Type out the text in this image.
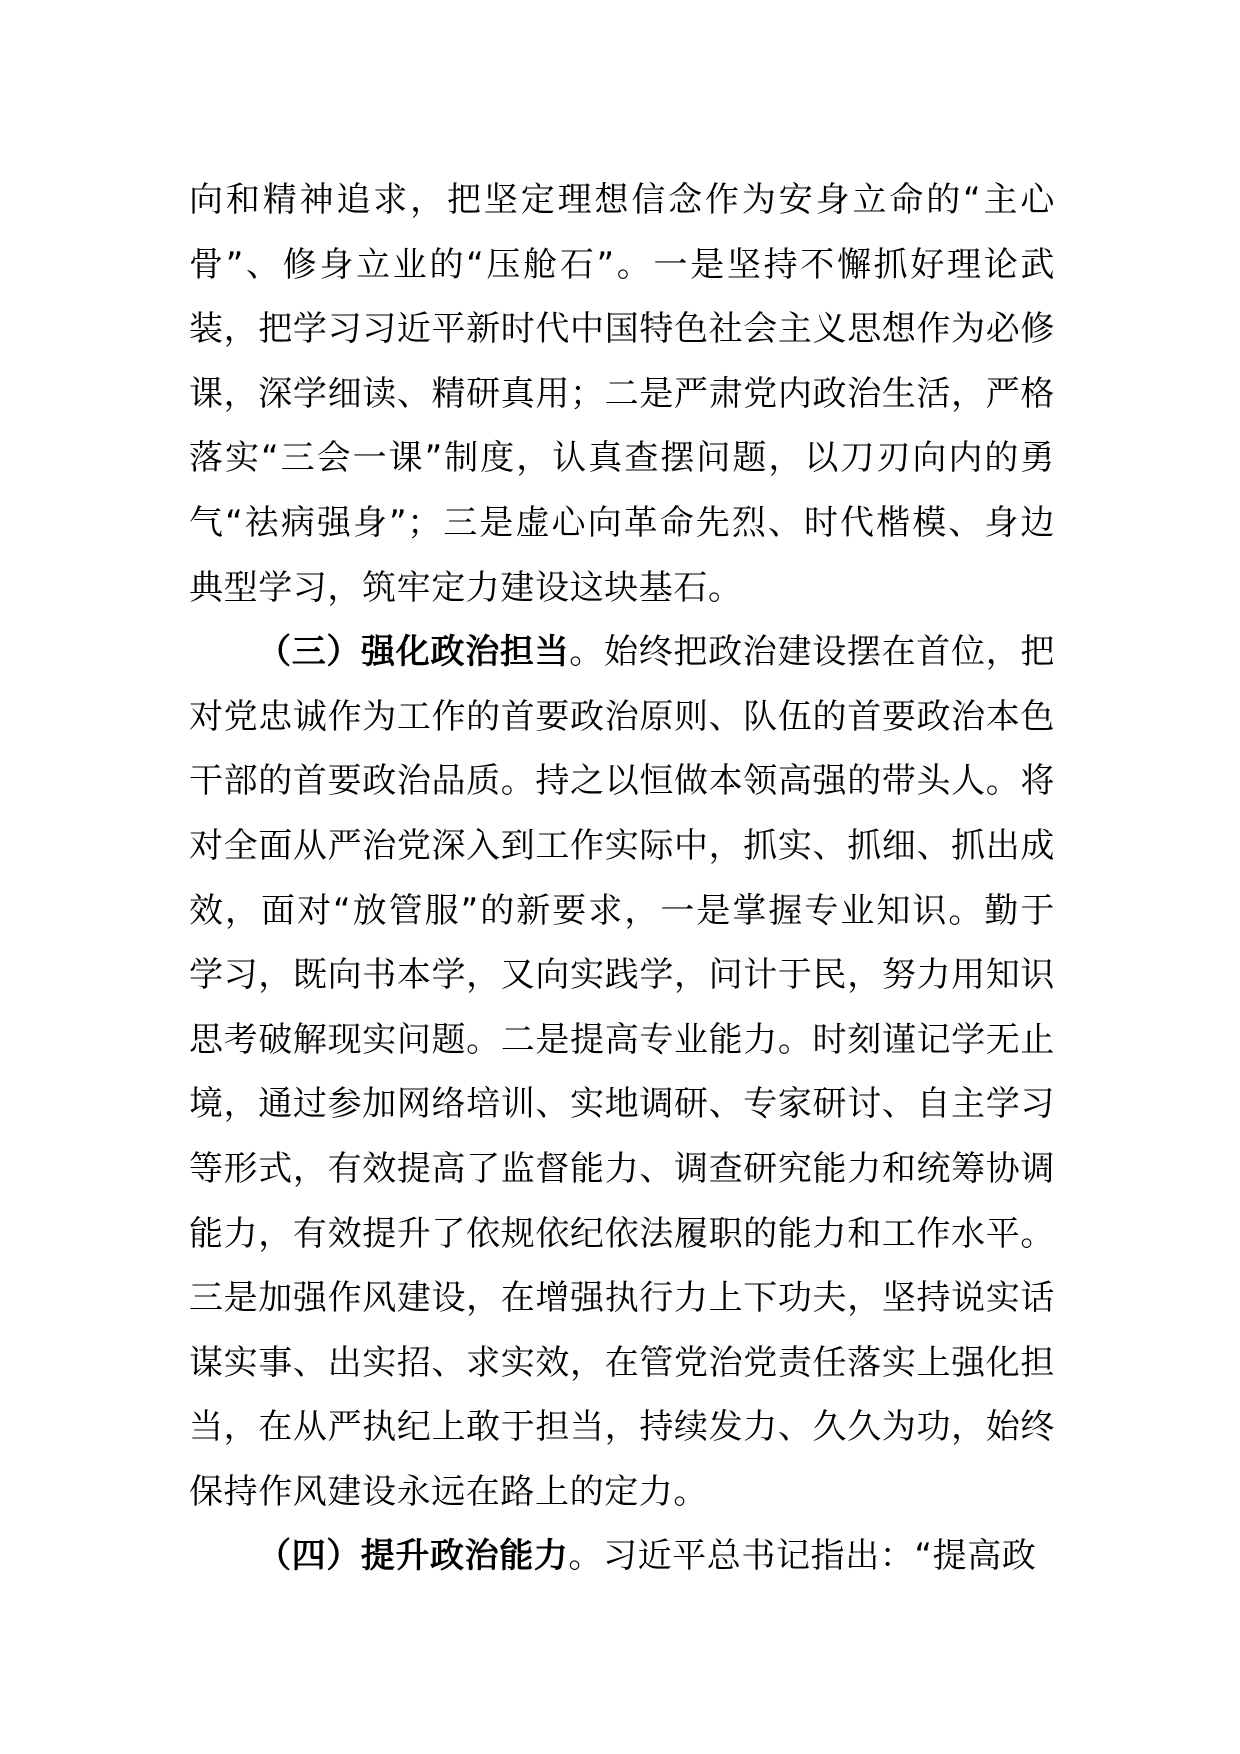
向和精神追求，把坚定理想信念作为安身立命的“主心骨”、修身立业的“压舱石”。一是坚持不懈抓好理论武装，把学习习近平新时代中国特色社会主义思想作为必修课，深学细读、精研真用；二是严肃党内政治生活，严格落实“三会一课”制度，认真查摆问题，以刀刃向内的勇气“祛病强身”；三是虚心向革命先烈、时代楷模、身边典型学习，筑牢定力建设这块基石。

（三）强化政治担当。始终把政治建设摆在首位，把对党忠诚作为工作的首要政治原则、队伍的首要政治本色干部的首要政治品质。持之以恒做本领高强的带头人。将对全面从严治党深入到工作实际中，抓实、抓细、抓出成效，面对“放管服”的新要求，一是掌握专业知识。勤于学习，既向书本学，又向实践学，问计于民，努力用知识思考破解现实问题。二是提高专业能力。时刻谨记学无止境，通过参加网络培训、实地调研、专家研讨、自主学习等形式，有效提高了监督能力、调查研究能力和统筹协调能力，有效提升了依规依纪依法履职的能力和工作水平。三是加强作风建设，在增强执行力上下功夫，坚持说实话谋实事、出实招、求实效，在管党治党责任落实上强化担当，在从严执纪上敢于担当，持续发力、久久为功，始终保持作风建设永远在路上的定力。

（四）提升政治能力。习近平总书记指出：“提高政
